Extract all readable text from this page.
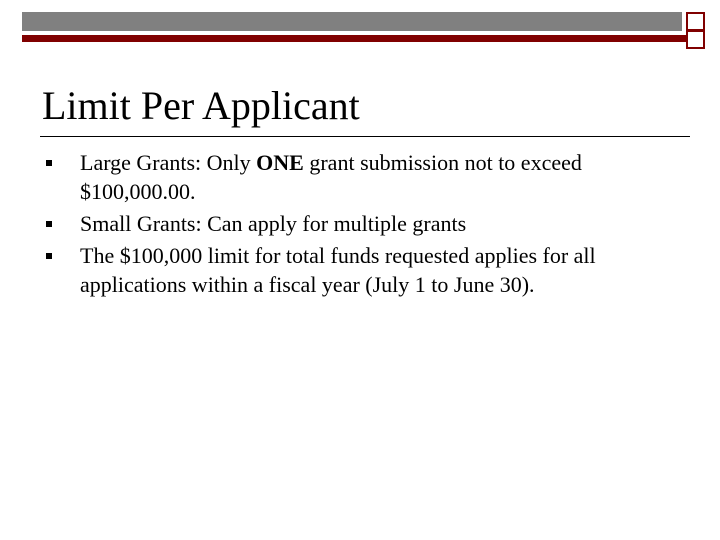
Limit Per Applicant
Large Grants: Only ONE grant submission not to exceed $100,000.00.
Small Grants: Can apply for multiple grants
The $100,000 limit for total funds requested applies for all applications within a fiscal year (July 1 to June 30).
